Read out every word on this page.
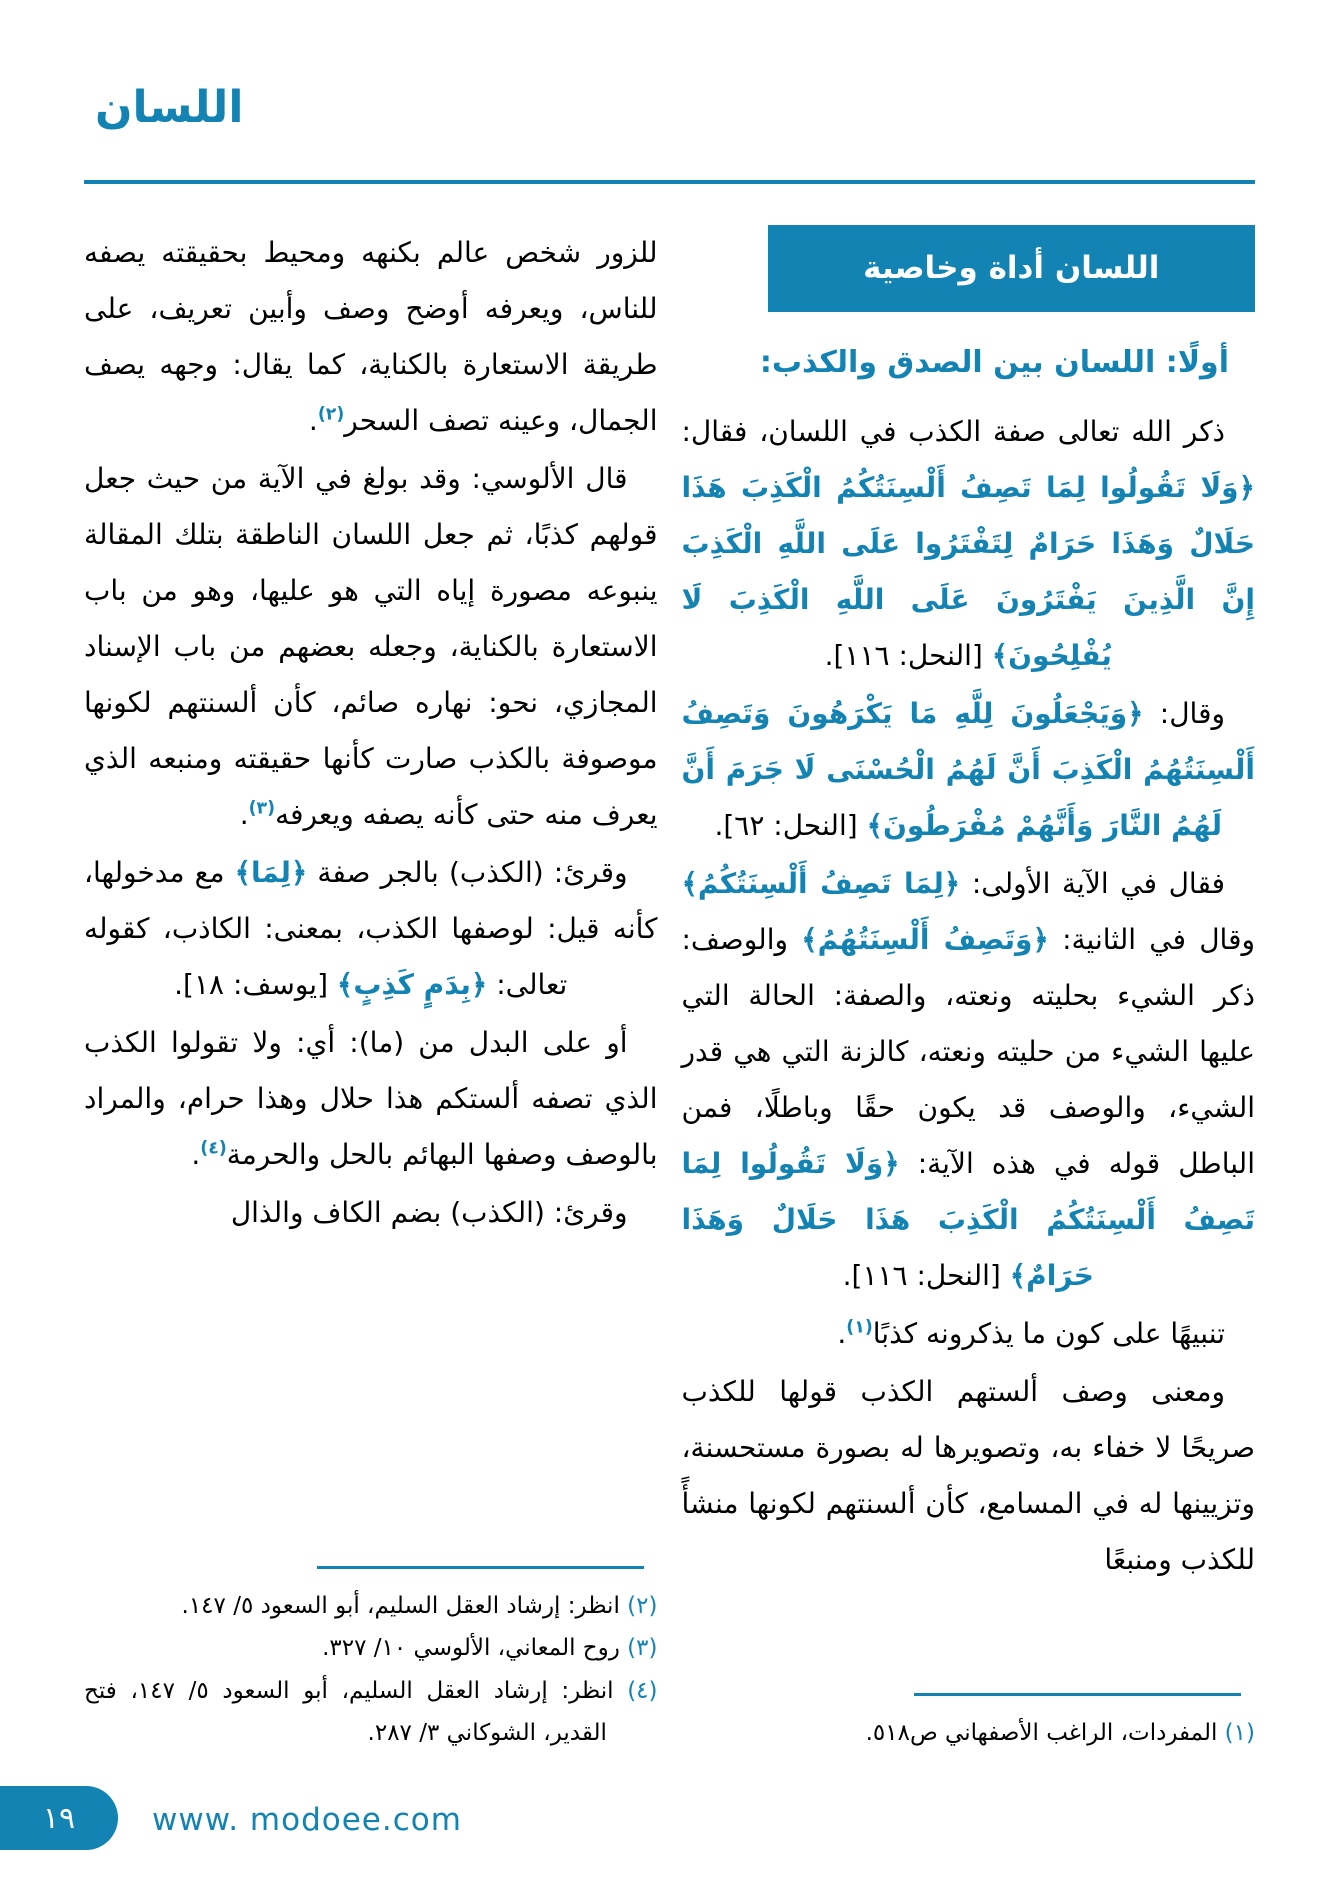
اللسان
اللسان أداة وخاصية
أولًا: اللسان بين الصدق والكذب:

ذكر الله تعالى صفة الكذب في اللسان، فقال: ﴿وَلَا تَقُولُوا لِمَا تَصِفُ أَلْسِنَتُكُمُ الْكَذِبَ هَذَا حَلَالٌ وَهَذَا حَرَامٌ لِتَفْتَرُوا عَلَى اللَّهِ الْكَذِبَ إِنَّ الَّذِينَ يَفْتَرُونَ عَلَى اللَّهِ الْكَذِبَ لَا يُفْلِحُونَ﴾ [النحل: ١١٦].

وقال: ﴿وَيَجْعَلُونَ لِلَّهِ مَا يَكْرَهُونَ وَتَصِفُ أَلْسِنَتُهُمُ الْكَذِبَ أَنَّ لَهُمُ الْحُسْنَى لَا جَرَمَ أَنَّ لَهُمُ النَّارَ وَأَنَّهُمْ مُفْرَطُونَ﴾ [النحل: ٦٢].

فقال في الآية الأولى: ﴿لِمَا تَصِفُ أَلْسِنَتُكُمُ﴾ وقال في الثانية: ﴿وَتَصِفُ أَلْسِنَتُهُمُ﴾ والوصف: ذكر الشيء بحليته ونعته، والصفة: الحالة التي عليها الشيء من حليته ونعته، كالزنة التي هي قدر الشيء، والوصف قد يكون حقًا وباطلًا، فمن الباطل قوله في هذه الآية: ﴿وَلَا تَقُولُوا لِمَا تَصِفُ أَلْسِنَتُكُمُ الْكَذِبَ هَذَا حَلَالٌ وَهَذَا حَرَامٌ﴾ [النحل: ١١٦].

تنبيهًا على كون ما يذكرونه كذبًا$^{(١)}$.

ومعنى وصف ألستهم الكذب قولها للكذب صريحًا لا خفاء به، وتصويرها له بصورة مستحسنة، وتزيينها له في المسامع، كأن ألسنتهم لكونها منشأً للكذب ومنبعًا

(١) المفردات، الراغب الأصفهاني ص٥١٨.

للزور شخص عالم بكنهه ومحيط بحقيقته يصفه للناس، ويعرفه أوضح وصف وأبين تعريف، على طريقة الاستعارة بالكناية، كما يقال: وجهه يصف الجمال، وعينه تصف السحر$^{(٢)}$.

قال الألوسي: وقد بولغ في الآية من حيث جعل قولهم كذبًا، ثم جعل اللسان الناطقة بتلك المقالة ينبوعه مصورة إياه التي هو عليها، وهو من باب الاستعارة بالكناية، وجعله بعضهم من باب الإسناد المجازي، نحو: نهاره صائم، كأن ألسنتهم لكونها موصوفة بالكذب صارت كأنها حقيقته ومنبعه الذي يعرف منه حتى كأنه يصفه ويعرفه$^{(٣)}$.

وقرئ: (الكذب) بالجر صفة ﴿لِمَا﴾ مع مدخولها، كأنه قيل: لوصفها الكذب، بمعنى: الكاذب، كقوله تعالى: ﴿بِدَمٍ كَذِبٍ﴾ [يوسف: ١٨].

أو على البدل من (ما): أي: ولا تقولوا الكذب الذي تصفه ألستكم هذا حلال وهذا حرام، والمراد بالوصف وصفها البهائم بالحل والحرمة$^{(٤)}$.

وقرئ: (الكذب) بضم الكاف والذال

(٢) انظر: إرشاد العقل السليم، أبو السعود ٥/ ١٤٧.

(٣) روح المعاني، الألوسي ١٠/ ٣٢٧.

(٤) انظر: إرشاد العقل السليم، أبو السعود ٥/ ١٤٧، فتح القدير، الشوكاني ٣/ ٢٨٧.

١٩ www. modoee.com
